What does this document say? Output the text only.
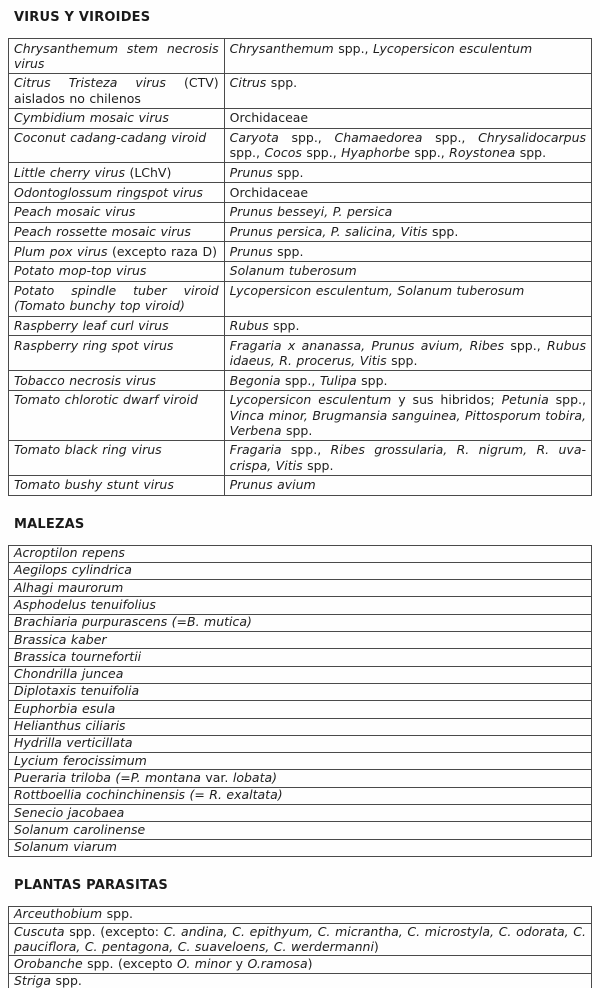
VIRUS Y VIROIDES
Chrysanthemum stem necrosis virus	Chrysanthemum spp., Lycopersicon esculentum
Citrus Tristeza virus (CTV) aislados no chilenos	Citrus spp.
Cymbidium mosaic virus	Orchidaceae
Coconut cadang-cadang viroid	Caryota spp., Chamaedorea spp., Chrysalidocarpus spp., Cocos spp., Hyaphorbe spp., Roystonea spp.
Little cherry virus (LChV)	Prunus spp.
Odontoglossum ringspot virus	Orchidaceae
Peach mosaic virus	Prunus besseyi, P. persica
Peach rossette mosaic virus	Prunus persica, P. salicina, Vitis spp.
Plum pox virus (excepto raza D)	Prunus spp.
Potato mop-top virus	Solanum tuberosum
Potato spindle tuber viroid (Tomato bunchy top viroid)	Lycopersicon esculentum, Solanum tuberosum
Raspberry leaf curl virus	Rubus spp.
Raspberry ring spot virus	Fragaria x ananassa, Prunus avium, Ribes spp., Rubus idaeus, R. procerus, Vitis spp.
Tobacco necrosis virus	Begonia spp., Tulipa spp.
Tomato chlorotic dwarf viroid	Lycopersicon esculentum y sus hibridos; Petunia spp., Vinca minor, Brugmansia sanguinea, Pittosporum tobira, Verbena spp.
Tomato black ring virus	Fragaria spp., Ribes grossularia, R. nigrum, R. uva-crispa, Vitis spp.
Tomato bushy stunt virus	Prunus avium
MALEZAS
Acroptilon repens
Aegilops cylindrica
Alhagi maurorum
Asphodelus tenuifolius
Brachiaria purpurascens (=B. mutica)
Brassica kaber
Brassica tournefortii
Chondrilla juncea
Diplotaxis tenuifolia
Euphorbia esula
Helianthus ciliaris
Hydrilla verticillata
Lycium ferocissimum
Pueraria triloba (=P. montana var. lobata)
Rottboellia cochinchinensis (= R. exaltata)
Senecio jacobaea
Solanum carolinense
Solanum viarum
PLANTAS PARASITAS
Arceuthobium spp.
Cuscuta spp. (excepto: C. andina, C. epithyum, C. micrantha, C. microstyla, C. odorata, C. pauciflora, C. pentagona, C. suaveloens, C. werdermanni)
Orobanche spp. (excepto O. minor y O.ramosa)
Striga spp.
